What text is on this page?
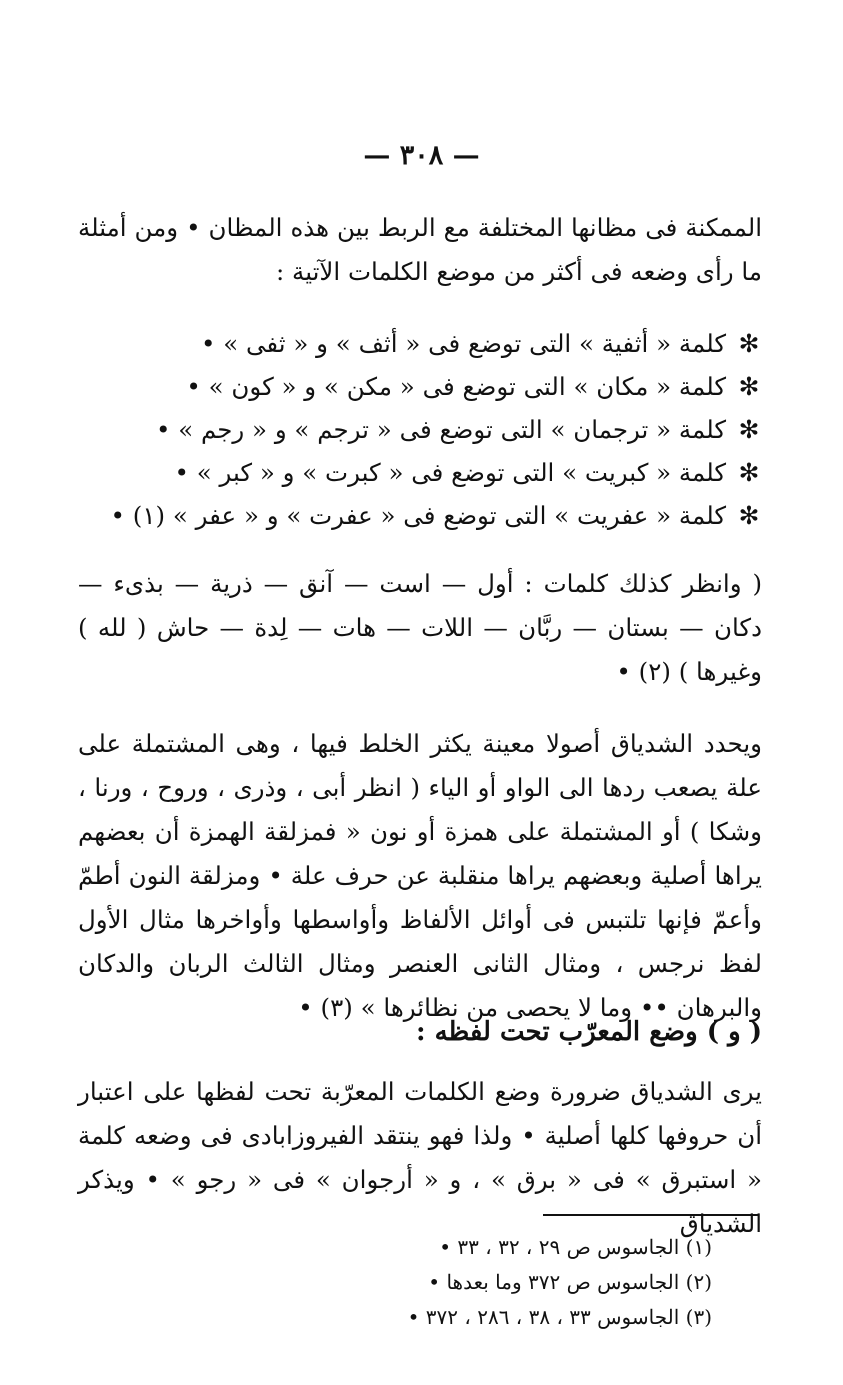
— ٣٠٨ —
الممكنة فى مظانها المختلفة مع الربط بين هذه المظان • ومن أمثلة ما رأى وضعه فى أكثر من موضع الكلمات الآتية :
✻
كلمة « أثفية » التى توضع فى « أثف » و « ثفى » •
✻
كلمة « مكان » التى توضع فى « مكن » و « كون » •
✻
كلمة « ترجمان » التى توضع فى « ترجم » و « رجم » •
✻
كلمة « كبريت » التى توضع فى « كبرت » و « كبر » •
✻
كلمة « عفريت » التى توضع فى « عفرت » و « عفر » (١) •
( وانظر كذلك كلمات : أول — است — آنق — ذرية — بذىء — دكان — بستان — ربَّان — اللات — هات — لِدة — حاش ( لله ) وغيرها ) (٢) •
ويحدد الشدياق أصولا معينة يكثر الخلط فيها ، وهى المشتملة على علة يصعب ردها الى الواو أو الياء ( انظر أبى ، وذرى ، وروح ، ورنا ، وشكا ) أو المشتملة على همزة أو نون « فمزلقة الهمزة أن بعضهم يراها أصلية وبعضهم يراها منقلبة عن حرف علة • ومزلقة النون أطمّ وأعمّ فإنها تلتبس فى أوائل الألفاظ وأواسطها وأواخرها مثال الأول لفظ نرجس ، ومثال الثانى العنصر ومثال الثالث الربان والدكان والبرهان •• وما لا يحصى من نظائرها » (٣) •
( و ) وضع المعرّب تحت لفظه :
يرى الشدياق ضرورة وضع الكلمات المعرّبة تحت لفظها على اعتبار أن حروفها كلها أصلية • ولذا فهو ينتقد الفيروزابادى فى وضعه كلمة « استبرق » فى « برق » ، و « أرجوان » فى « رجو » • ويذكر الشدياق
(١) الجاسوس ص ٢٩ ، ٣٢ ، ٣٣ •
(٢) الجاسوس ص ٣٧٢ وما بعدها •
(٣) الجاسوس ٣٣ ، ٣٨ ، ٢٨٦ ، ٣٧٢ •
